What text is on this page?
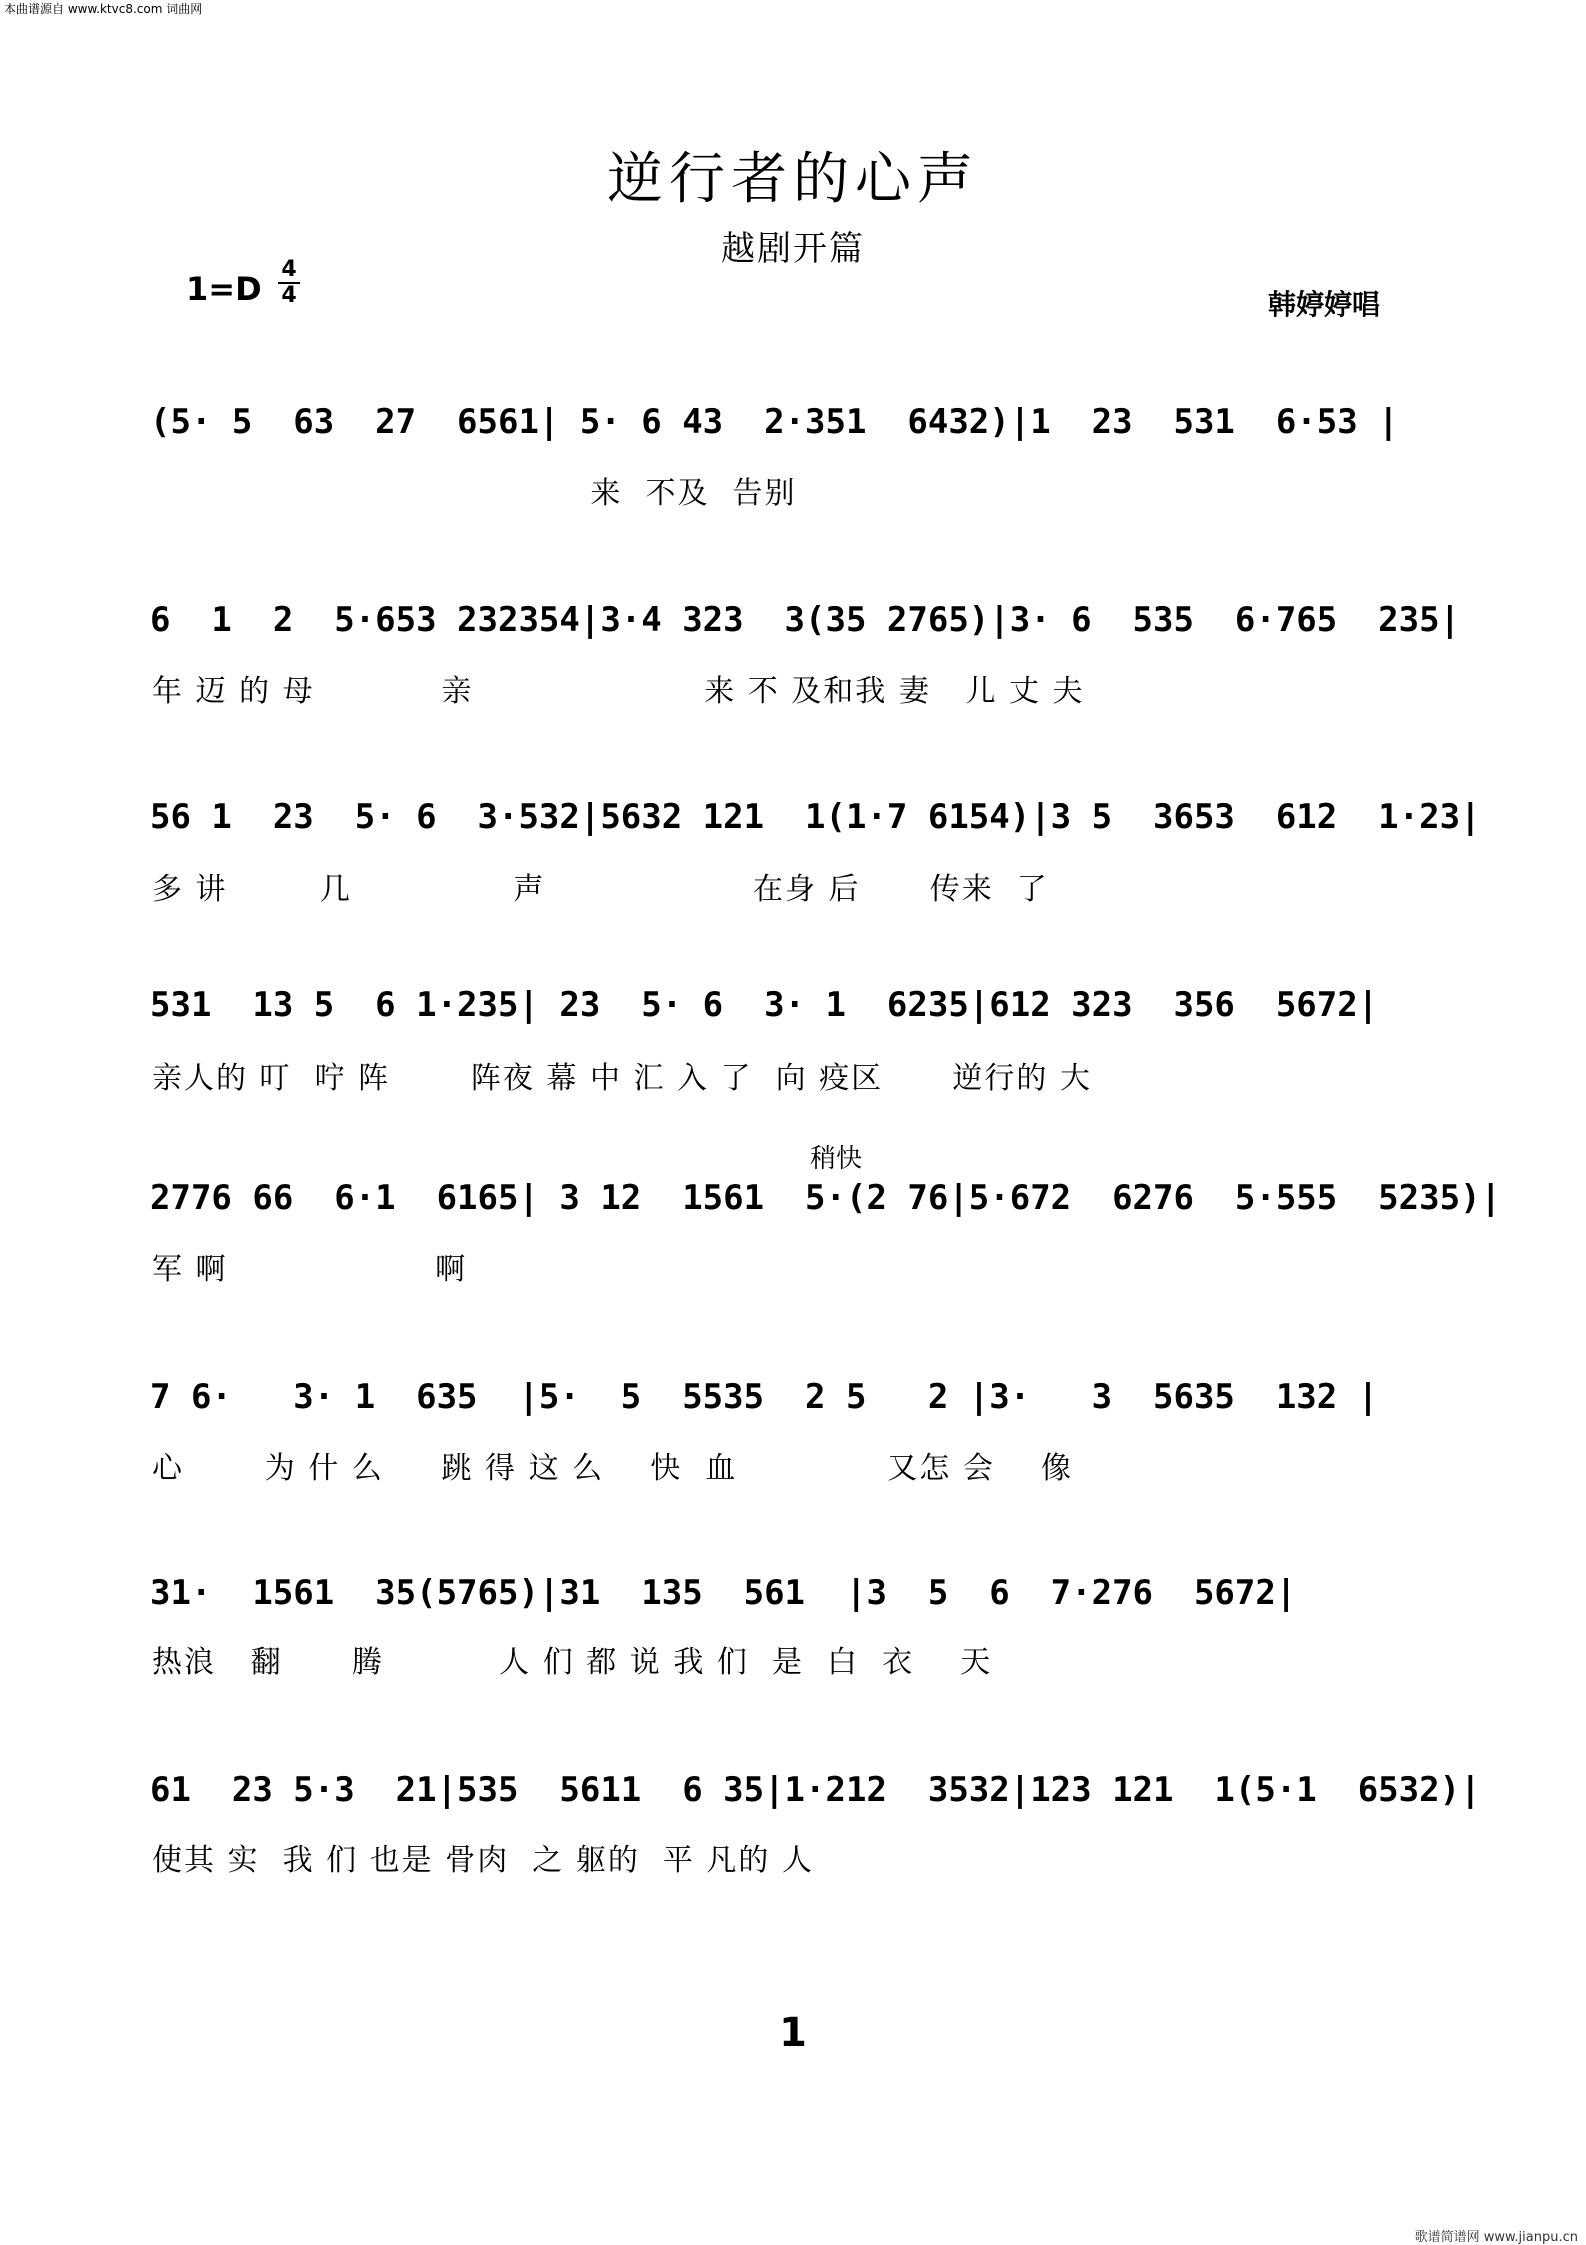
本曲谱源自 www.ktvc8.com 词曲网
逆行者的心声
越剧开篇
1=D
4
4	韩婷婷唱
(5· 5  63  27  6561| 5· 6 43  2·351  6432)|1  23  531  6·53 |
来  不及  告别
6  1  2  5·653 232354|3·4 323  3(35 2765)|3· 6  535  6·765  235|
年 迈 的 母           亲                    来 不 及和我 妻   儿 丈 夫
56 1  23  5· 6  3·532|5632 121  1(1·7 6154)|3 5  3653  612  1·23|
多 讲        几              声                  在身 后      传来  了
531  13 5  6 1·235| 23  5· 6  3· 1  6235|612 323  356  5672|
亲人的 叮  咛 阵       阵夜 幕 中 汇 入 了  向 疫区      逆行的 大
稍快
2776 66  6·1  6165| 3 12  1561  5·(2 76|5·672  6276  5·555  5235)|
军 啊                  啊
7 6·   3· 1  635  |5·  5  5535  2 5   2 |3·   3  5635  132 |
心       为 什 么     跳 得 这 么    快  血             又怎 会    像
31·  1561  35(5765)|31  135  561  |3  5  6  7·276  5672|
热浪   翻      腾          人 们 都 说 我 们  是  白  衣    天
61  23 5·3  21|535  5611  6 35|1·212  3532|123 121  1(5·1  6532)|
使其 实  我 们 也是 骨肉  之 躯的  平 凡的 人
1
歌谱简谱网 www.jianpu.cn
